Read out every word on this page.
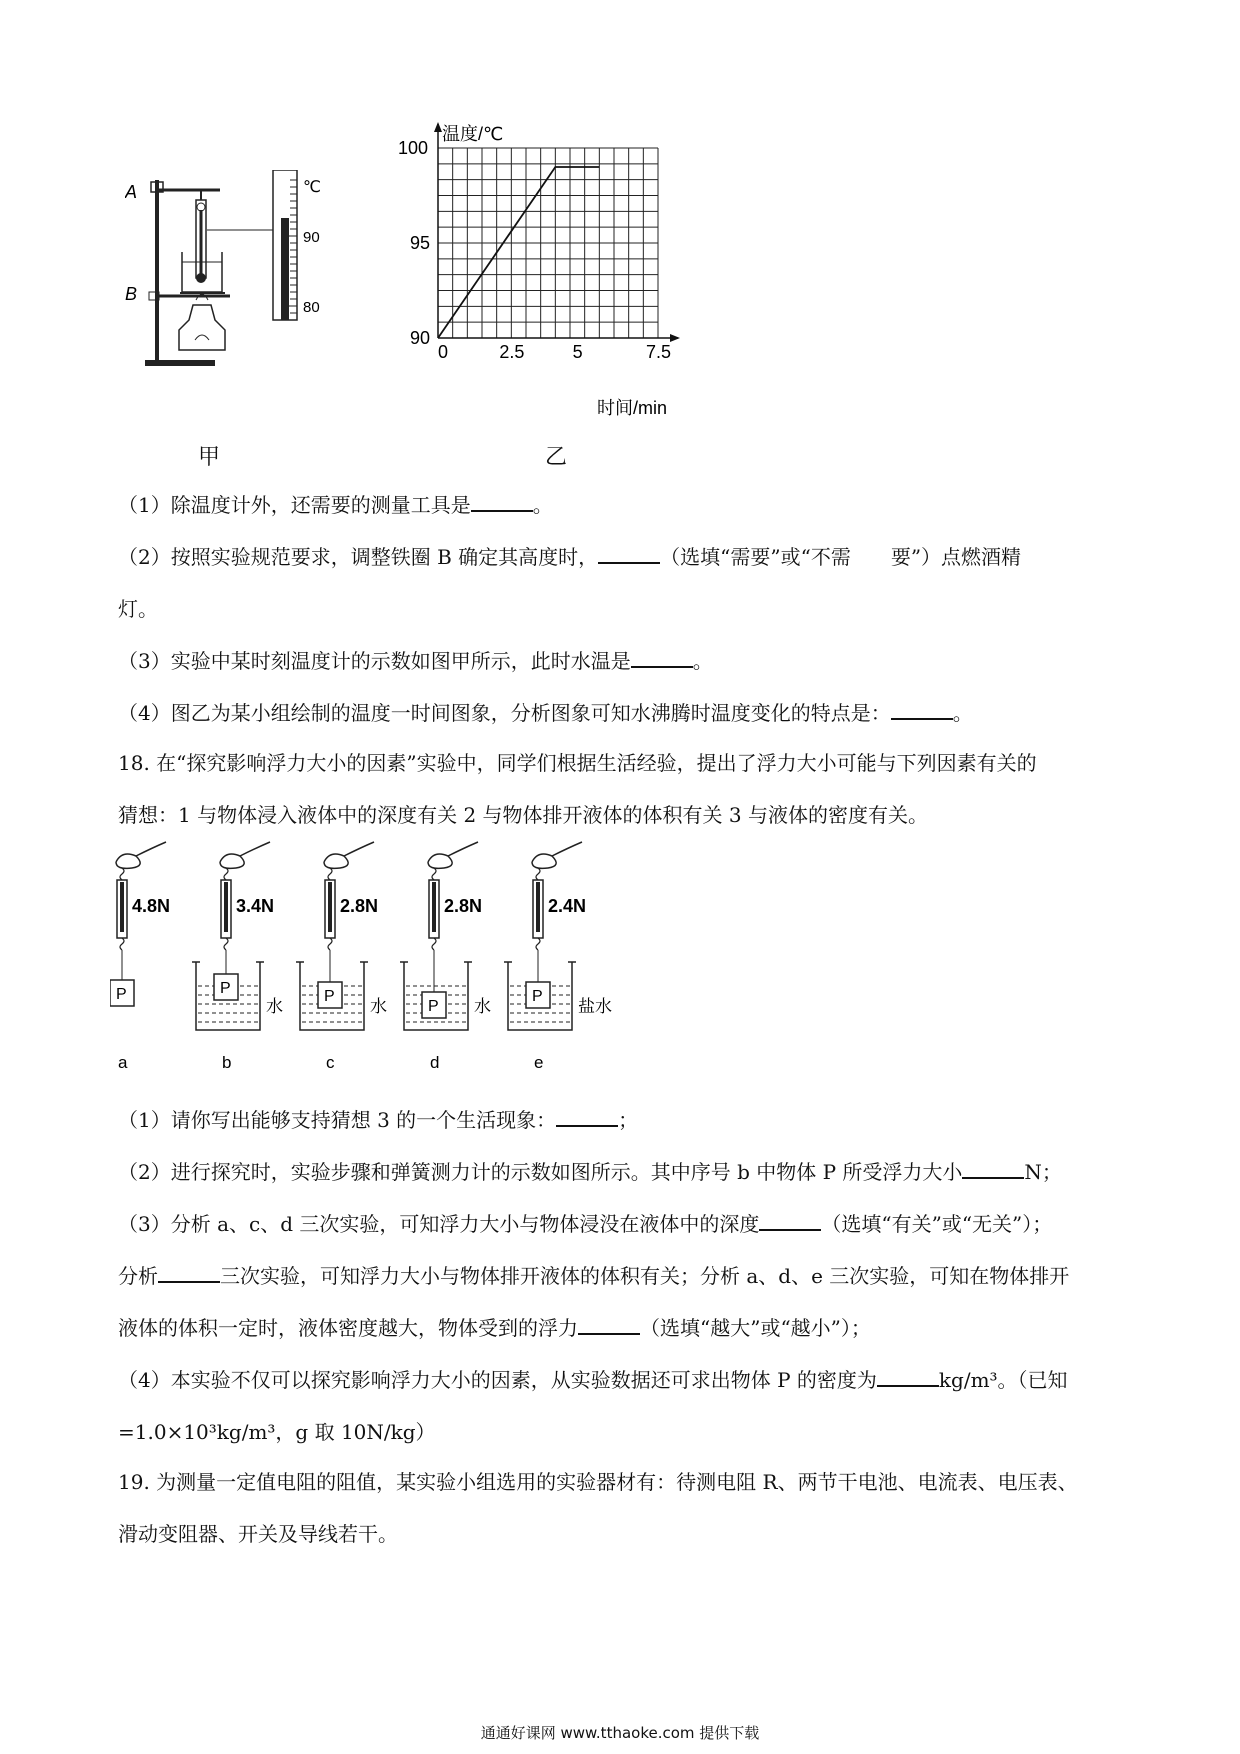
℃
90
80
A
B
甲
0	2.5	5	7.5
90
95
100
温度/℃
时间/min
乙
（1）除温度计外，还需要的测量工具是	。
（2）按照实验规范要求，调整铁圈 B 确定其高度时，	（选填“需要”或“不需　　要”）点燃酒精
灯。
（3）实验中某时刻温度计的示数如图甲所示，此时水温是	。
（4）图乙为某小组绘制的温度一时间图象，分析图象可知水沸腾时温度变化的特点是：	。
18. 在“探究影响浮力大小的因素”实验中，同学们根据生活经验，提出了浮力大小可能与下列因素有关的
猜想：1 与物体浸入液体中的深度有关 2 与物体排开液体的体积有关 3 与液体的密度有关。
4.8N
P
a
3.4N
水
P
b
2.8N
水
P
c
2.8N
水
P
d
2.4N
盐水
P
e
（1）请你写出能够支持猜想 3 的一个生活现象：	；
（2）进行探究时，实验步骤和弹簧测力计的示数如图所示。其中序号 b 中物体 P 所受浮力大小	N；
（3）分析 a、c、d 三次实验，可知浮力大小与物体浸没在液体中的深度	（选填“有关”或“无关”）；
分析	三次实验，可知浮力大小与物体排开液体的体积有关；分析 a、d、e 三次实验，可知在物体排开
液体的体积一定时，液体密度越大，物体受到的浮力	（选填“越大”或“越小”）；
（4）本实验不仅可以探究影响浮力大小的因素，从实验数据还可求出物体 P 的密度为	kg/m³。（已知
=1.0×10³kg/m³，g 取 10N/kg）
19. 为测量一定值电阻的阻值，某实验小组选用的实验器材有：待测电阻 R、两节干电池、电流表、电压表、
滑动变阻器、开关及导线若干。
通通好课网 www.tthaoke.com 提供下载
